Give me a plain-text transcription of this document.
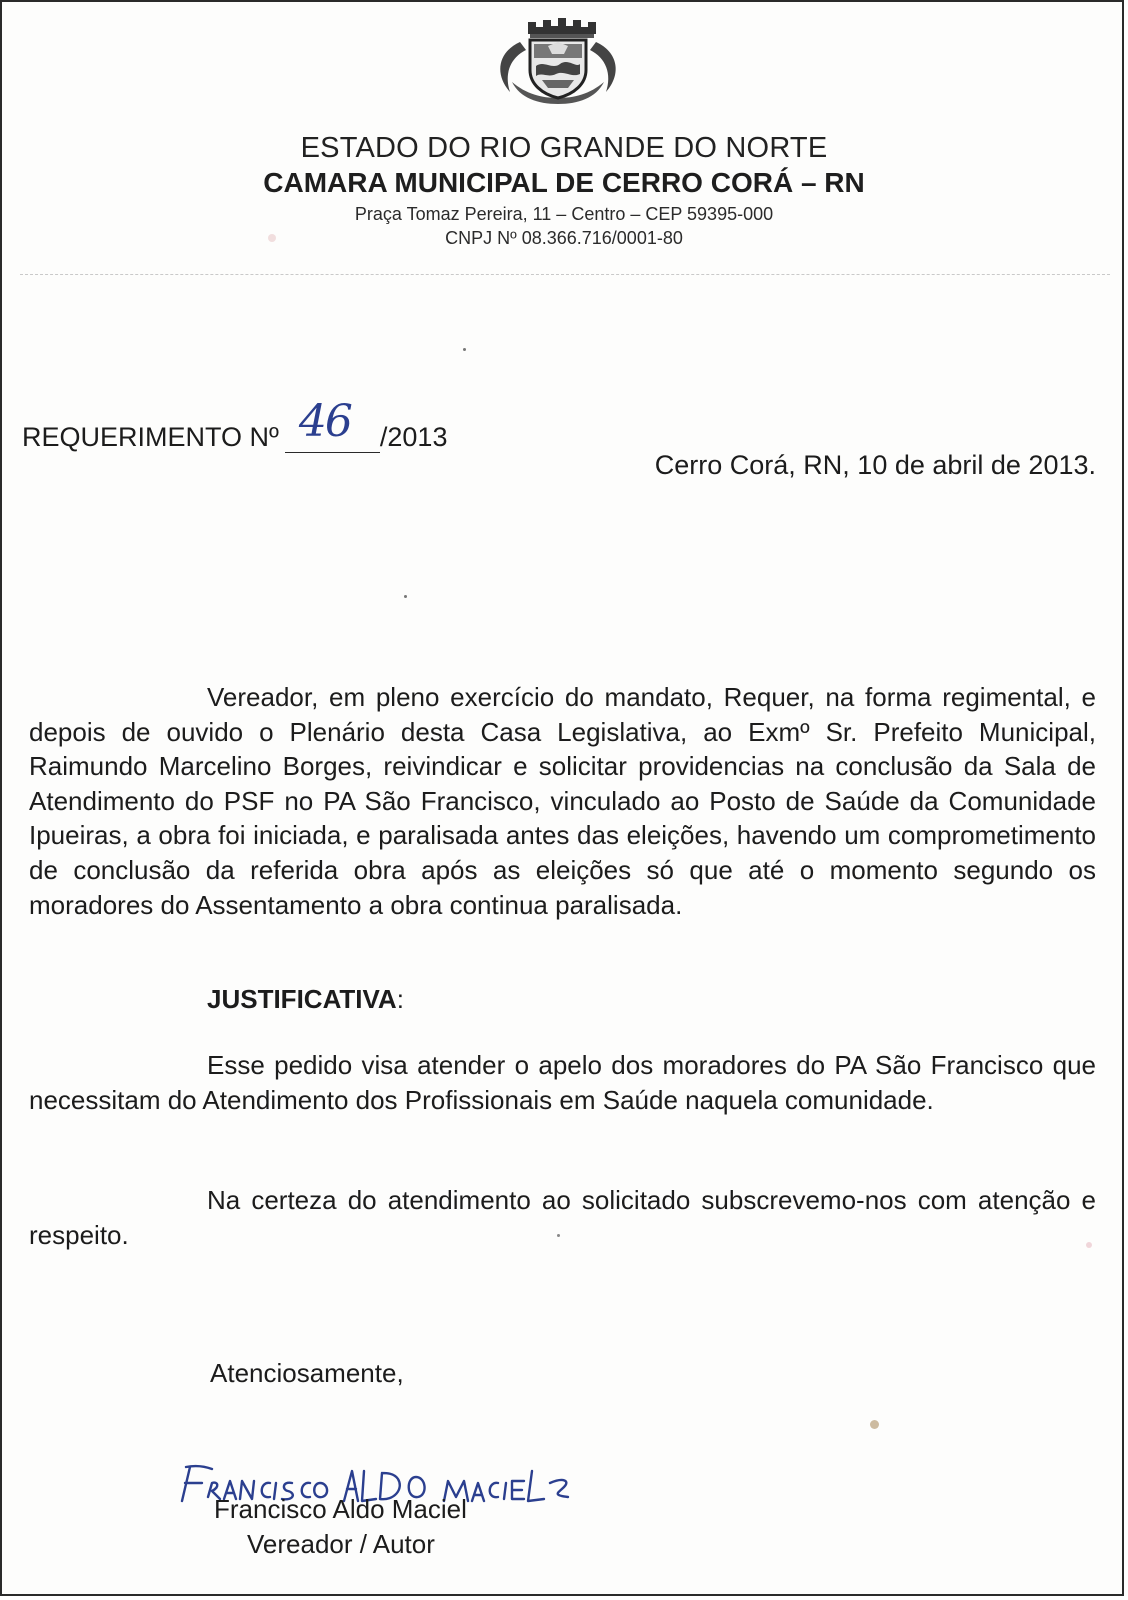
ESTADO DO RIO GRANDE DO NORTE
CAMARA MUNICIPAL DE CERRO CORÁ – RN
Praça Tomaz Pereira, 11 – Centro – CEP 59395-000
CNPJ Nº 08.366.716/0001-80
REQUERIMENTO Nº 46 /2013
Cerro Corá, RN, 10 de abril de 2013.

Vereador, em pleno exercício do mandato, Requer, na forma regimental, e depois de ouvido o Plenário desta Casa Legislativa, ao Exmº Sr. Prefeito Municipal, Raimundo Marcelino Borges, reivindicar e solicitar providencias na conclusão da Sala de Atendimento do PSF no PA São Francisco, vinculado ao Posto de Saúde da Comunidade Ipueiras, a obra foi iniciada, e paralisada antes das eleições, havendo um comprometimento de conclusão da referida obra após as eleições só que até o momento segundo os moradores do Assentamento a obra continua paralisada.

JUSTIFICATIVA:

Esse pedido visa atender o apelo dos moradores do PA São Francisco que necessitam do Atendimento dos Profissionais em Saúde naquela comunidade.

Na certeza do atendimento ao solicitado subscrevemo-nos com atenção e respeito.

Atenciosamente,
Francisco Aldo Maciel
Vereador / Autor
